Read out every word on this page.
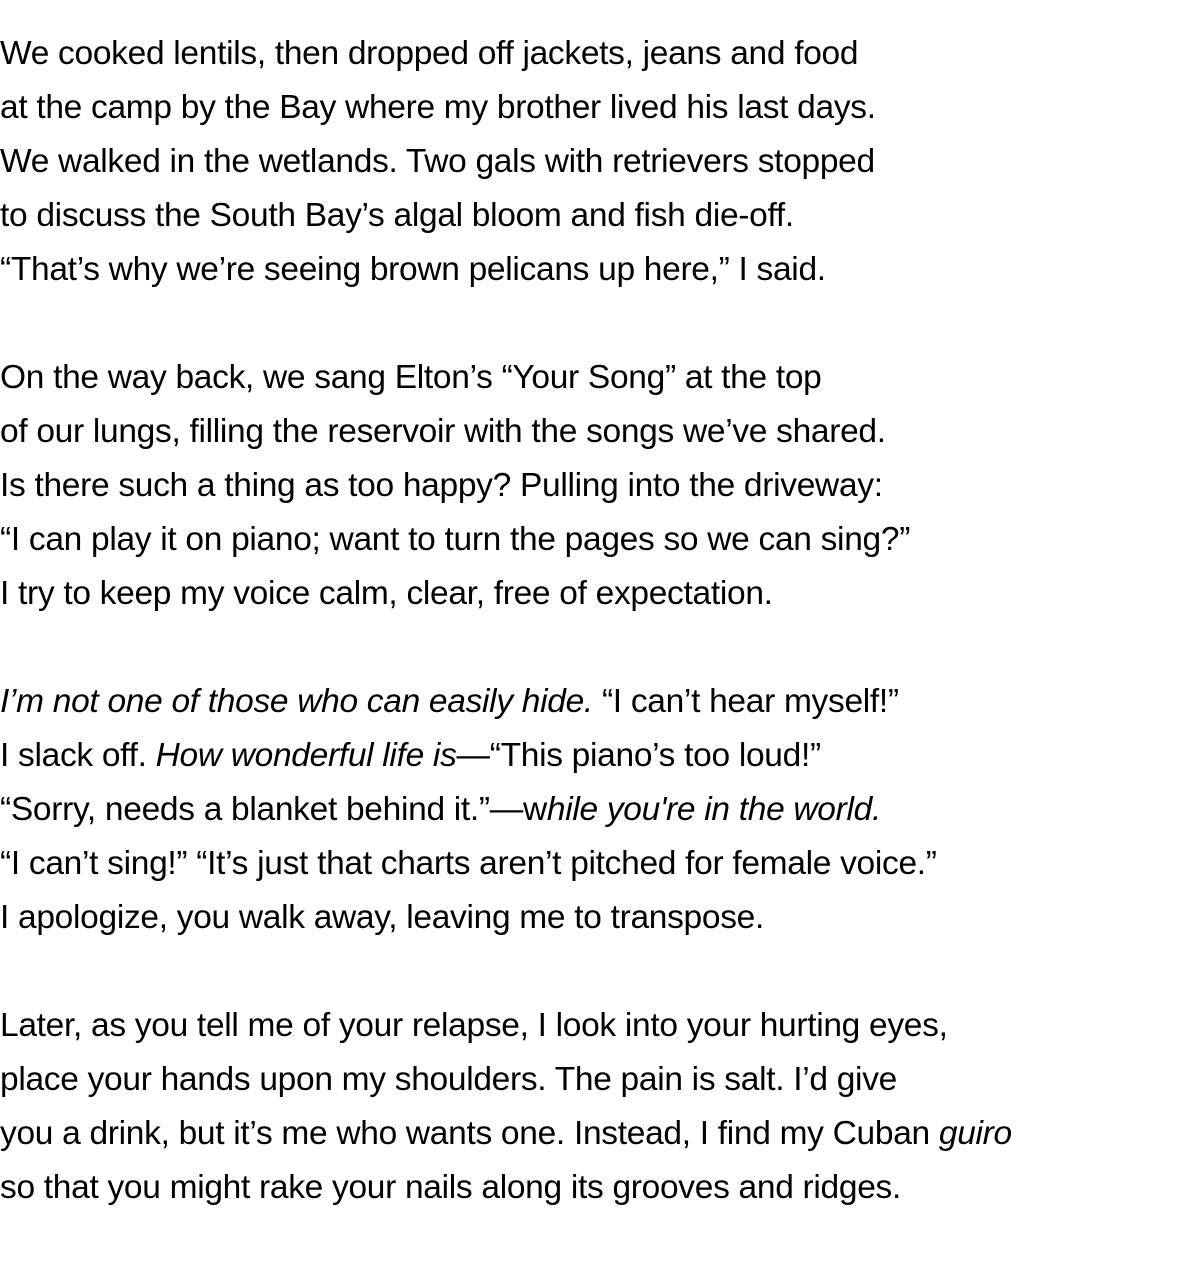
We cooked lentils, then dropped off jackets, jeans and food
at the camp by the Bay where my brother lived his last days.
We walked in the wetlands. Two gals with retrievers stopped
to discuss the South Bay’s algal bloom and fish die-off.
“That’s why we’re seeing brown pelicans up here,” I said.
On the way back, we sang Elton’s “Your Song” at the top
of our lungs, filling the reservoir with the songs we’ve shared.
Is there such a thing as too happy? Pulling into the driveway:
“I can play it on piano; want to turn the pages so we can sing?”
I try to keep my voice calm, clear, free of expectation.
I’m not one of those who can easily hide. “I can’t hear myself!”
I slack off. How wonderful life is—“This piano’s too loud!”
“Sorry, needs a blanket behind it.”—while you're in the world.
“I can’t sing!” “It’s just that charts aren’t pitched for female voice.”
I apologize, you walk away, leaving me to transpose.
Later, as you tell me of your relapse, I look into your hurting eyes,
place your hands upon my shoulders. The pain is salt. I’d give
you a drink, but it’s me who wants one. Instead, I find my Cuban guiro
so that you might rake your nails along its grooves and ridges.
